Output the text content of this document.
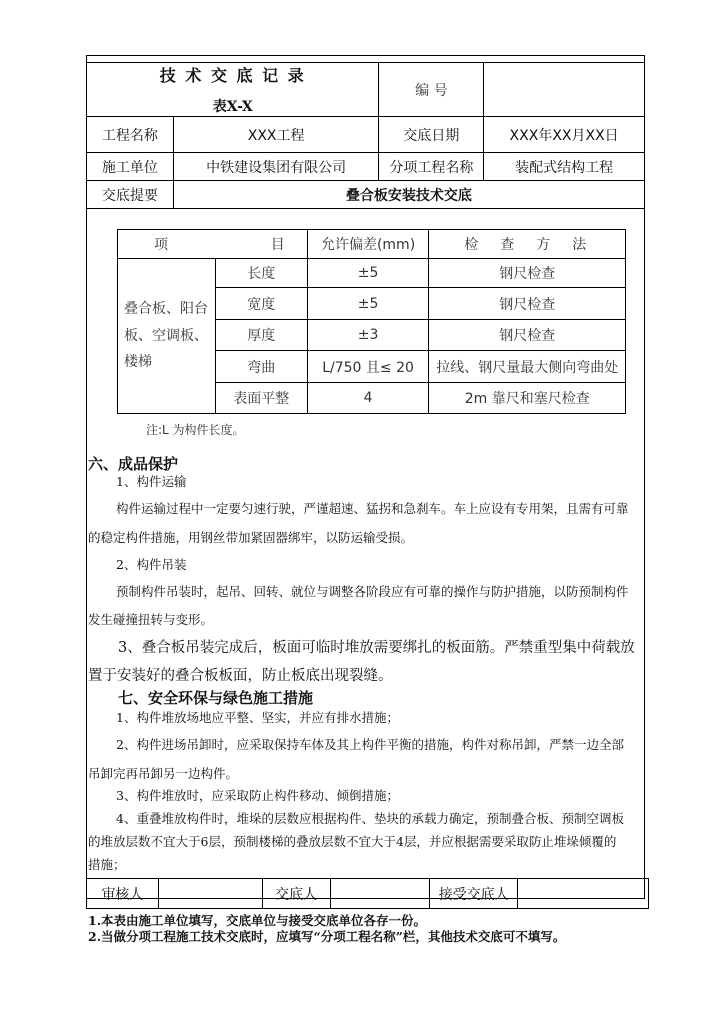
技 术 交 底 记 录
表X-X		编 号	
工程名称	XXX工程	交底日期	XXX年XX月XX日
施工单位	中铁建设集团有限公司	分项工程名称	装配式结构工程
交底提要	叠合板安装技术交底		
项	目	允许偏差(mm)	检　查　方　法
叠合板、阳台板、空调板、楼梯	长度	±5	钢尺检查
	宽度	±5	钢尺检查
	厚度	±3	钢尺检查
	弯曲	L/750 且≤ 20	拉线、钢尺量最大侧向弯曲处
	表面平整	4	2m 靠尺和塞尺检查
注:L 为构件长度。
六、成品保护
1、构件运输
构件运输过程中一定要匀速行驶，严谨超速、猛拐和急刹车。车上应设有专用架，且需有可靠
的稳定构件措施，用钢丝带加紧固器绑牢，以防运输受损。
2、构件吊装
预制构件吊装时，起吊、回转、就位与调整各阶段应有可靠的操作与防护措施，以防预制构件
发生碰撞扭转与变形。
3、叠合板吊装完成后，板面可临时堆放需要绑扎的板面筋。严禁重型集中荷载放
置于安装好的叠合板板面，防止板底出现裂缝。
七、安全环保与绿色施工措施
1、构件堆放场地应平整、坚实，并应有排水措施；
2、构件进场吊卸时，应采取保持车体及其上构件平衡的措施，构件对称吊卸，严禁一边全部
吊卸完再吊卸另一边构件。
3、构件堆放时，应采取防止构件移动、倾倒措施；
4、重叠堆放构件时，堆垛的层数应根据构件、垫块的承载力确定，预制叠合板、预制空调板
的堆放层数不宜大于6层，预制楼梯的叠放层数不宜大于4层，并应根据需要采取防止堆垛倾覆的
措施；
审核人		交底人		接受交底人	
1.本表由施工单位填写，交底单位与接受交底单位各存一份。
2.当做分项工程施工技术交底时，应填写“分项工程名称”栏，其他技术交底可不填写。
